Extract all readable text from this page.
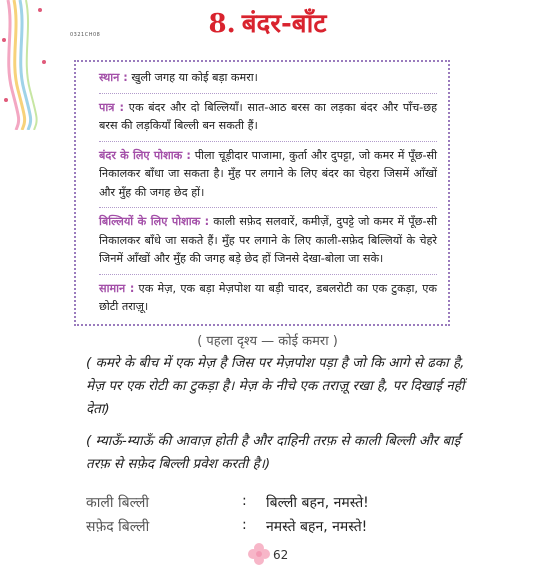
0321CH08	8. बंदर-बाँट

स्थान : खुली जगह या कोई बड़ा कमरा।

पात्र : एक बंदर और दो बिल्लियाँ। सात-आठ बरस का लड़का बंदर और पाँच-छह बरस की लड़कियाँ बिल्ली बन सकती हैं।

बंदर के लिए पोशाक : पीला चूड़ीदार पाजामा, कुर्ता और दुपट्टा, जो कमर में पूँछ-सी निकालकर बाँधा जा सकता है। मुँह पर लगाने के लिए बंदर का चेहरा जिसमें आँखों और मुँह की जगह छेद हों।

बिल्लियों के लिए पोशाक : काली सफ़ेद सलवारें, कमीज़ें, दुपट्टे जो कमर में पूँछ-सी निकालकर बाँधे जा सकते हैं। मुँह पर लगाने के लिए काली-सफ़ेद बिल्लियों के चेहरे जिनमें आँखों और मुँह की जगह बड़े छेद हों जिनसे देखा-बोला जा सके।

सामान : एक मेज़, एक बड़ा मेज़पोश या बड़ी चादर, डबलरोटी का एक टुकड़ा, एक छोटी तराज़ू।

( पहला दृश्य — कोई कमरा )
( कमरे के बीच में एक मेज़ है जिस पर मेज़पोश पड़ा है जो कि आगे से ढका है, मेज़ पर एक रोटी का टुकड़ा है। मेज़ के नीचे एक तराज़ू रखा है, पर दिखाई नहीं देता)
( म्याऊँ-म्याऊँ की आवाज़ होती है और दाहिनी तरफ़ से काली बिल्ली और बाईं तरफ़ से सफ़ेद बिल्ली प्रवेश करती है।)
काली बिल्ली	: बिल्ली बहन, नमस्ते!
सफ़ेद बिल्ली	: नमस्ते बहन, नमस्ते!
62
